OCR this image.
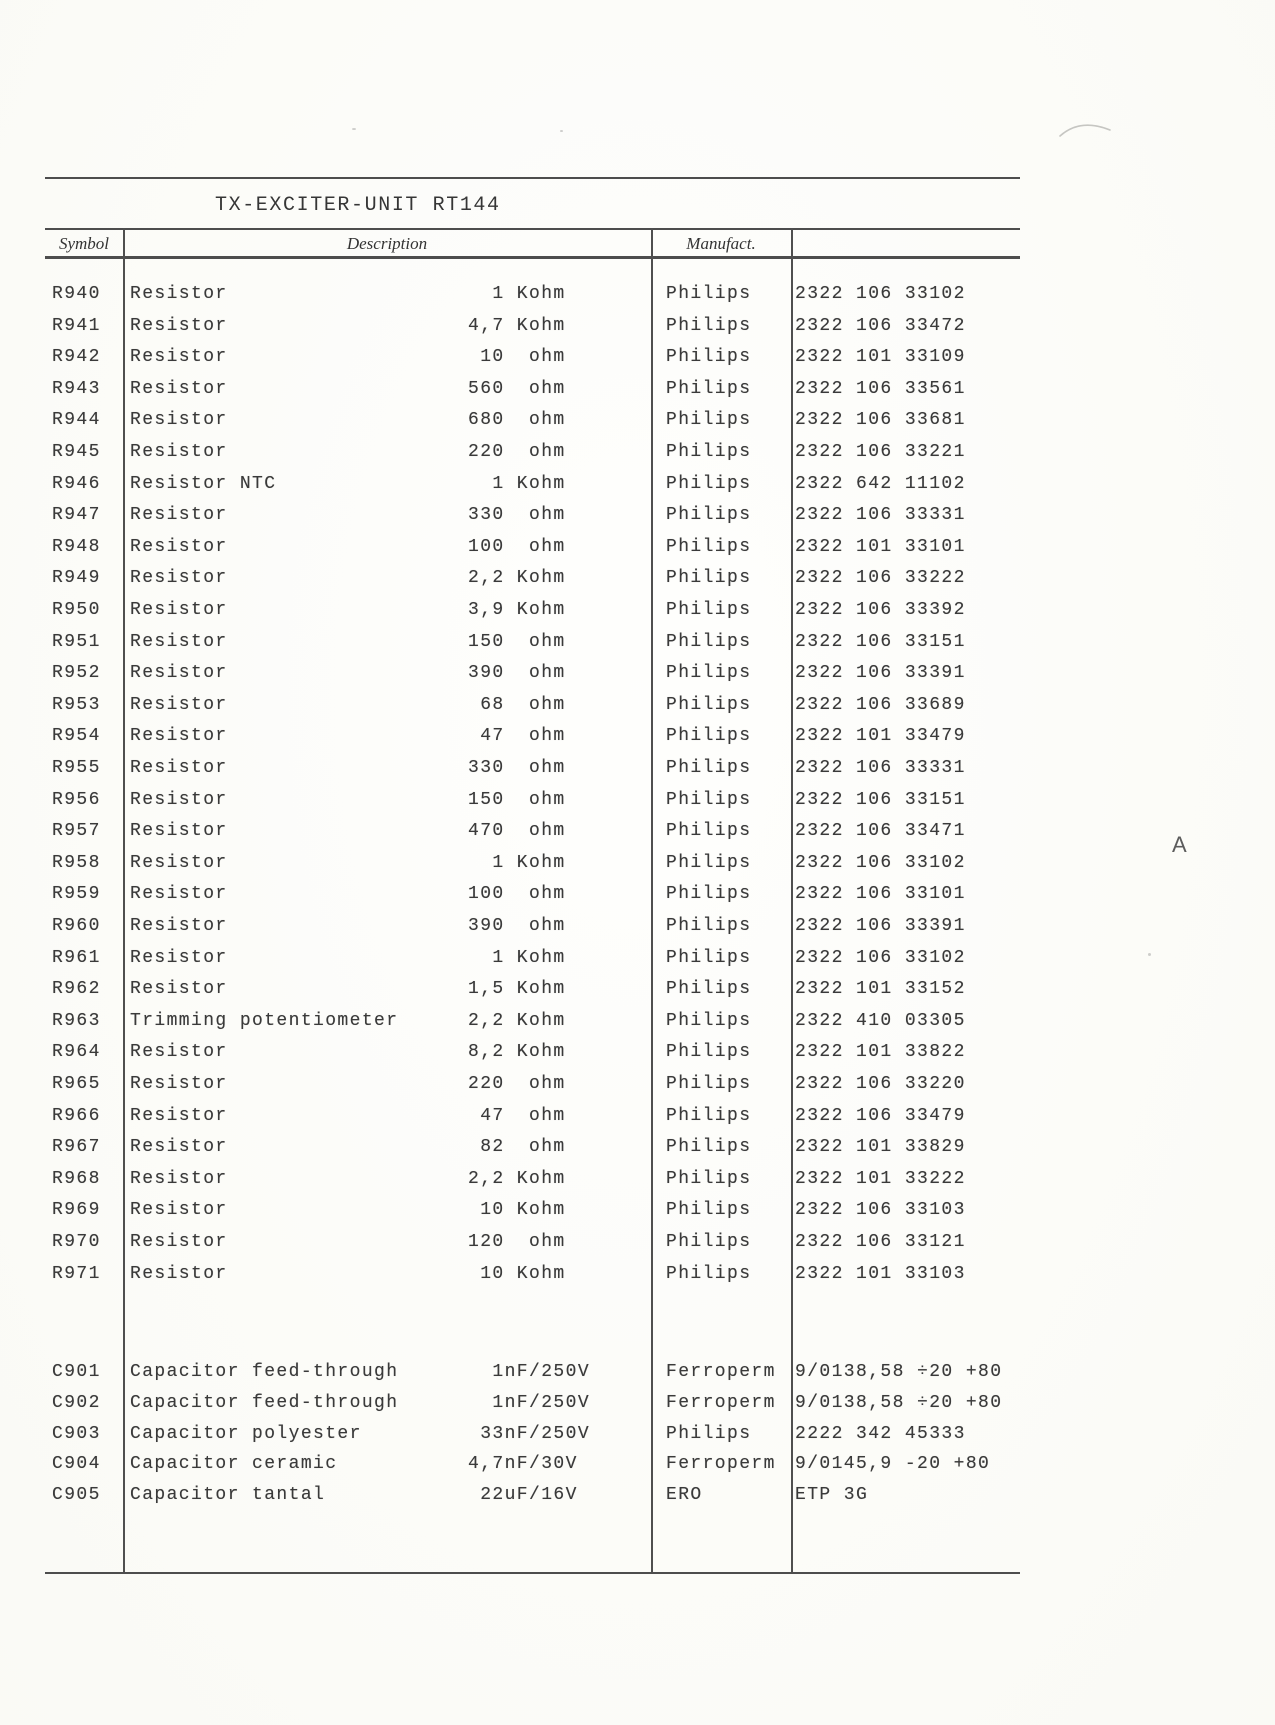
TX-EXCITER-UNIT RT144
Symbol	Description	Manufact.
R940 Resistor	1 Kohm	Philips 2322 106 33102
R941 Resistor	4,7 Kohm	Philips 2322 106 33472
R942 Resistor	10  ohm	Philips 2322 101 33109
R943 Resistor	560  ohm	Philips 2322 106 33561
R944 Resistor	680  ohm	Philips 2322 106 33681
R945 Resistor	220  ohm	Philips 2322 106 33221
R946 Resistor NTC	1 Kohm	Philips 2322 642 11102
R947 Resistor	330  ohm	Philips 2322 106 33331
R948 Resistor	100  ohm	Philips 2322 101 33101
R949 Resistor	2,2 Kohm	Philips 2322 106 33222
R950 Resistor	3,9 Kohm	Philips 2322 106 33392
R951 Resistor	150  ohm	Philips 2322 106 33151
R952 Resistor	390  ohm	Philips 2322 106 33391
R953 Resistor	68  ohm	Philips 2322 106 33689
R954 Resistor	47  ohm	Philips 2322 101 33479
R955 Resistor	330  ohm	Philips 2322 106 33331
R956 Resistor	150  ohm	Philips 2322 106 33151
R957 Resistor	470  ohm	Philips 2322 106 33471
R958 Resistor	1 Kohm	Philips 2322 106 33102
R959 Resistor	100  ohm	Philips 2322 106 33101
R960 Resistor	390  ohm	Philips 2322 106 33391
R961 Resistor	1 Kohm	Philips 2322 106 33102
R962 Resistor	1,5 Kohm	Philips 2322 101 33152
R963 Trimming potentiometer	2,2 Kohm	Philips 2322 410 03305
R964 Resistor	8,2 Kohm	Philips 2322 101 33822
R965 Resistor	220  ohm	Philips 2322 106 33220
R966 Resistor	47  ohm	Philips 2322 106 33479
R967 Resistor	82  ohm	Philips 2322 101 33829
R968 Resistor	2,2 Kohm	Philips 2322 101 33222
R969 Resistor	10 Kohm	Philips 2322 106 33103
R970 Resistor	120  ohm	Philips 2322 106 33121
R971 Resistor	10 Kohm	Philips 2322 101 33103
C901 Capacitor feed-through	1nF/250V	Ferroperm 9/0138,58 ÷20 +80
C902 Capacitor feed-through	1nF/250V	Ferroperm 9/0138,58 ÷20 +80
C903 Capacitor polyester	33nF/250V	Philips 2222 342 45333
C904 Capacitor ceramic	4,7nF/30V	Ferroperm 9/0145,9 -20 +80
C905 Capacitor tantal	22uF/16V	ERO	ETP 3G
A
